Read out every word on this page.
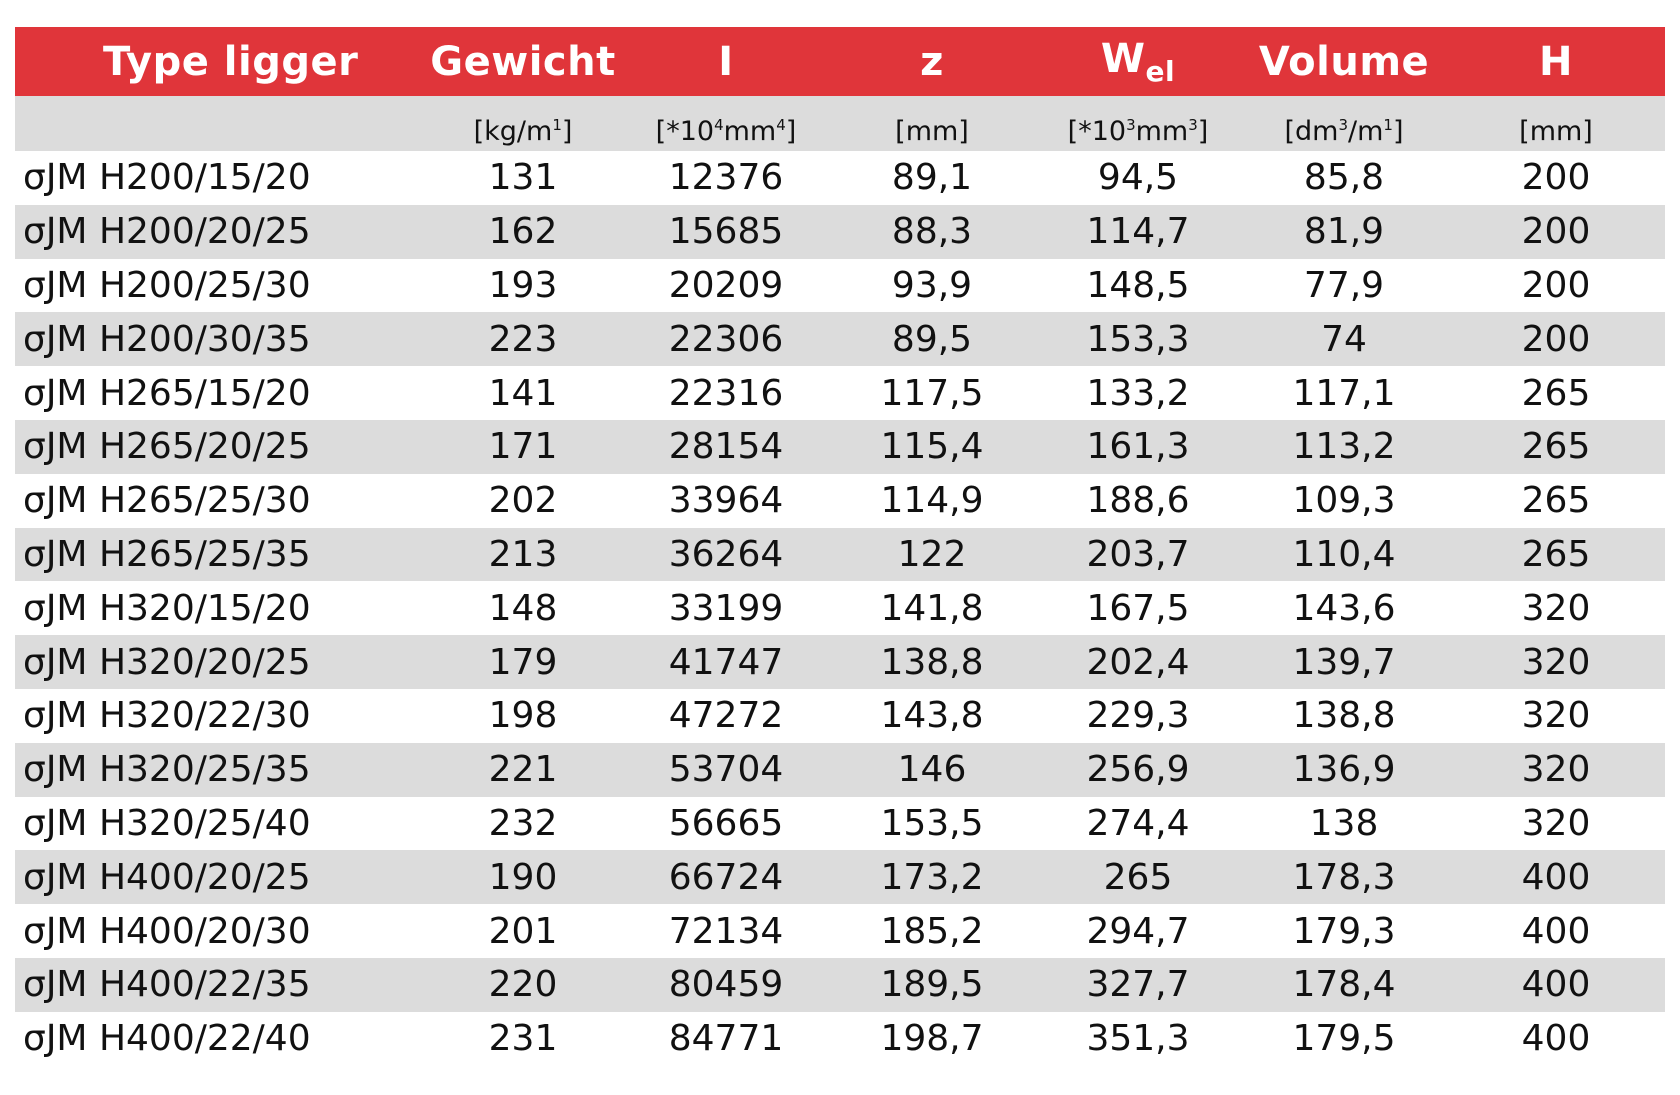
Type ligger	Gewicht	I	z	$W_{el}$	Volume	H
	$[kg/m^1]$	$[*10^4mm^4]$	[mm]	$[*10^3mm^3]$	$[dm^3/m^1]$	[mm]
σJM H200/15/20	131	12376	89,1	94,5	85,8	200
σJM H200/20/25	162	15685	88,3	114,7	81,9	200
σJM H200/25/30	193	20209	93,9	148,5	77,9	200
σJM H200/30/35	223	22306	89,5	153,3	74	200
σJM H265/15/20	141	22316	117,5	133,2	117,1	265
σJM H265/20/25	171	28154	115,4	161,3	113,2	265
σJM H265/25/30	202	33964	114,9	188,6	109,3	265
σJM H265/25/35	213	36264	122	203,7	110,4	265
σJM H320/15/20	148	33199	141,8	167,5	143,6	320
σJM H320/20/25	179	41747	138,8	202,4	139,7	320
σJM H320/22/30	198	47272	143,8	229,3	138,8	320
σJM H320/25/35	221	53704	146	256,9	136,9	320
σJM H320/25/40	232	56665	153,5	274,4	138	320
σJM H400/20/25	190	66724	173,2	265	178,3	400
σJM H400/20/30	201	72134	185,2	294,7	179,3	400
σJM H400/22/35	220	80459	189,5	327,7	178,4	400
σJM H400/22/40	231	84771	198,7	351,3	179,5	400
